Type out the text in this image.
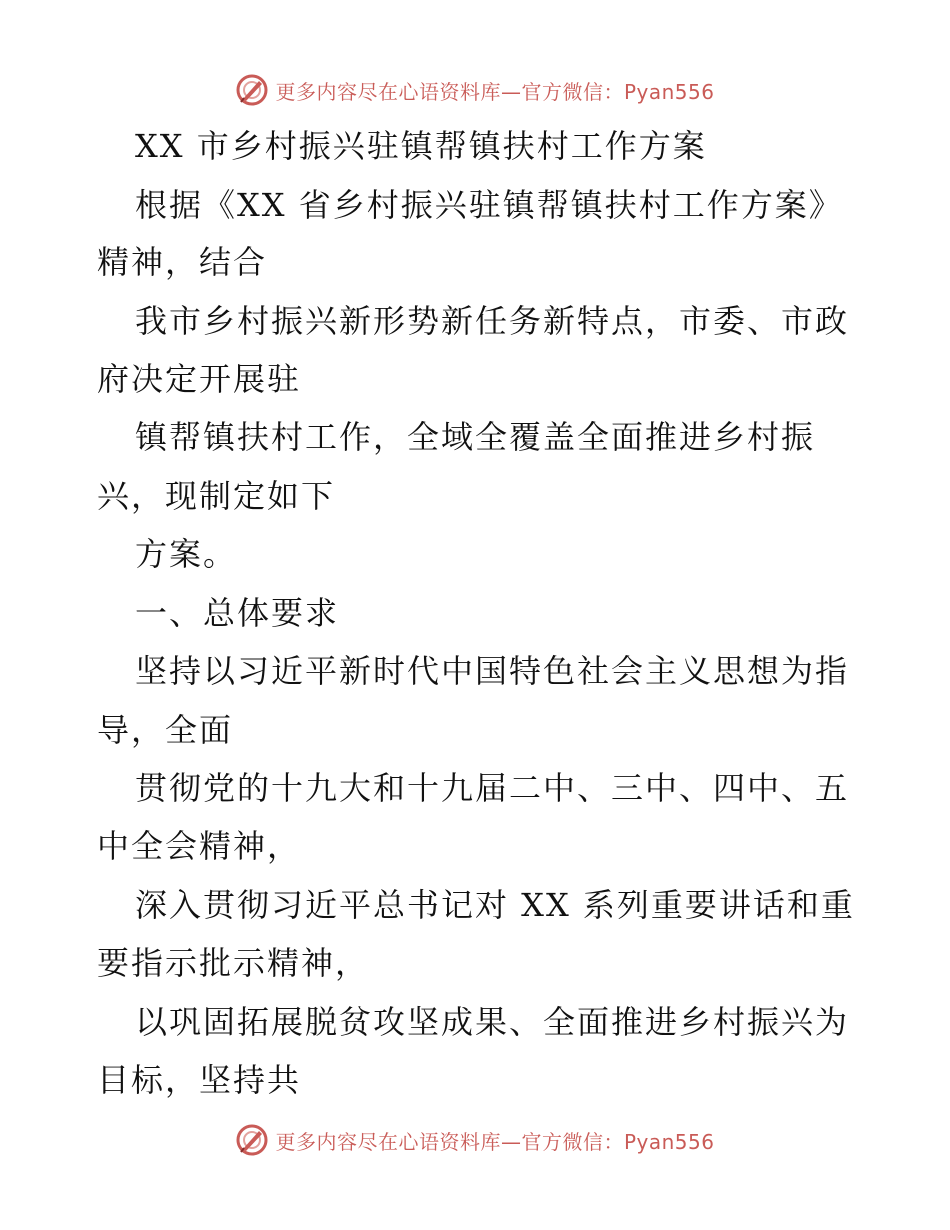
更多内容尽在心语资料库—官方微信：Pyan556
XX 市乡村振兴驻镇帮镇扶村工作方案
根据《XX 省乡村振兴驻镇帮镇扶村工作方案》
精神，结合
我市乡村振兴新形势新任务新特点，市委、市政
府决定开展驻
镇帮镇扶村工作，全域全覆盖全面推进乡村振
兴，现制定如下
方案。
一、总体要求
坚持以习近平新时代中国特色社会主义思想为指
导，全面
贯彻党的十九大和十九届二中、三中、四中、五
中全会精神，
深入贯彻习近平总书记对 XX 系列重要讲话和重
要指示批示精神，
以巩固拓展脱贫攻坚成果、全面推进乡村振兴为
目标，坚持共
更多内容尽在心语资料库—官方微信：Pyan556
